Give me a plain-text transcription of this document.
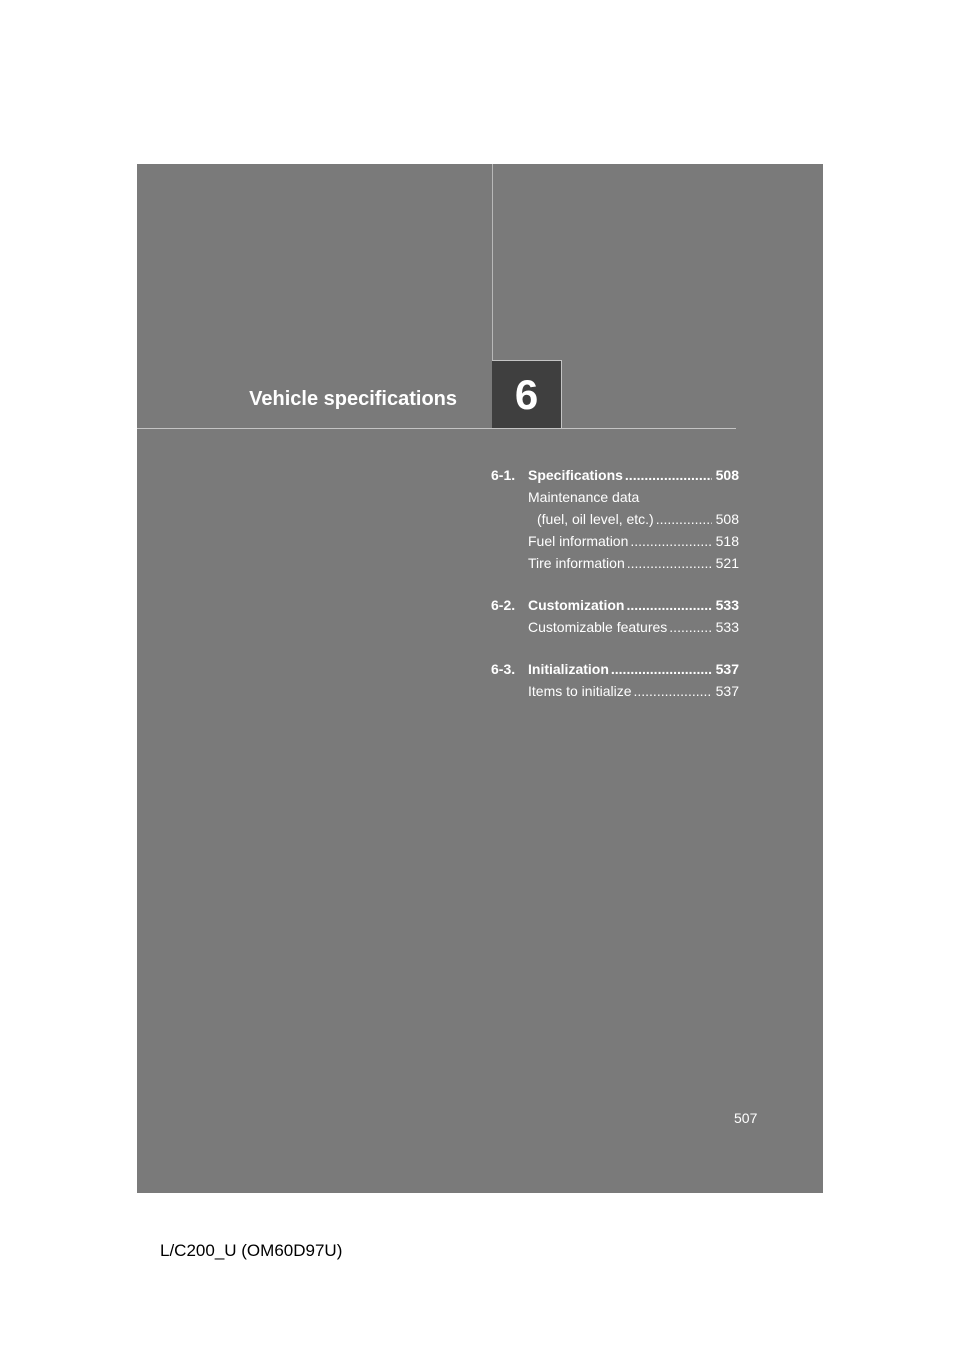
Vehicle specifications	6
6-1. Specifications .....	508
Maintenance data
(fuel, oil level, etc.) .....	508
Fuel information .....	518
Tire information .....	521
6-2. Customization .....	533
Customizable features .....	533
6-3. Initialization .....	537
Items to initialize .....	537
507
L/C200_U (OM60D97U)
